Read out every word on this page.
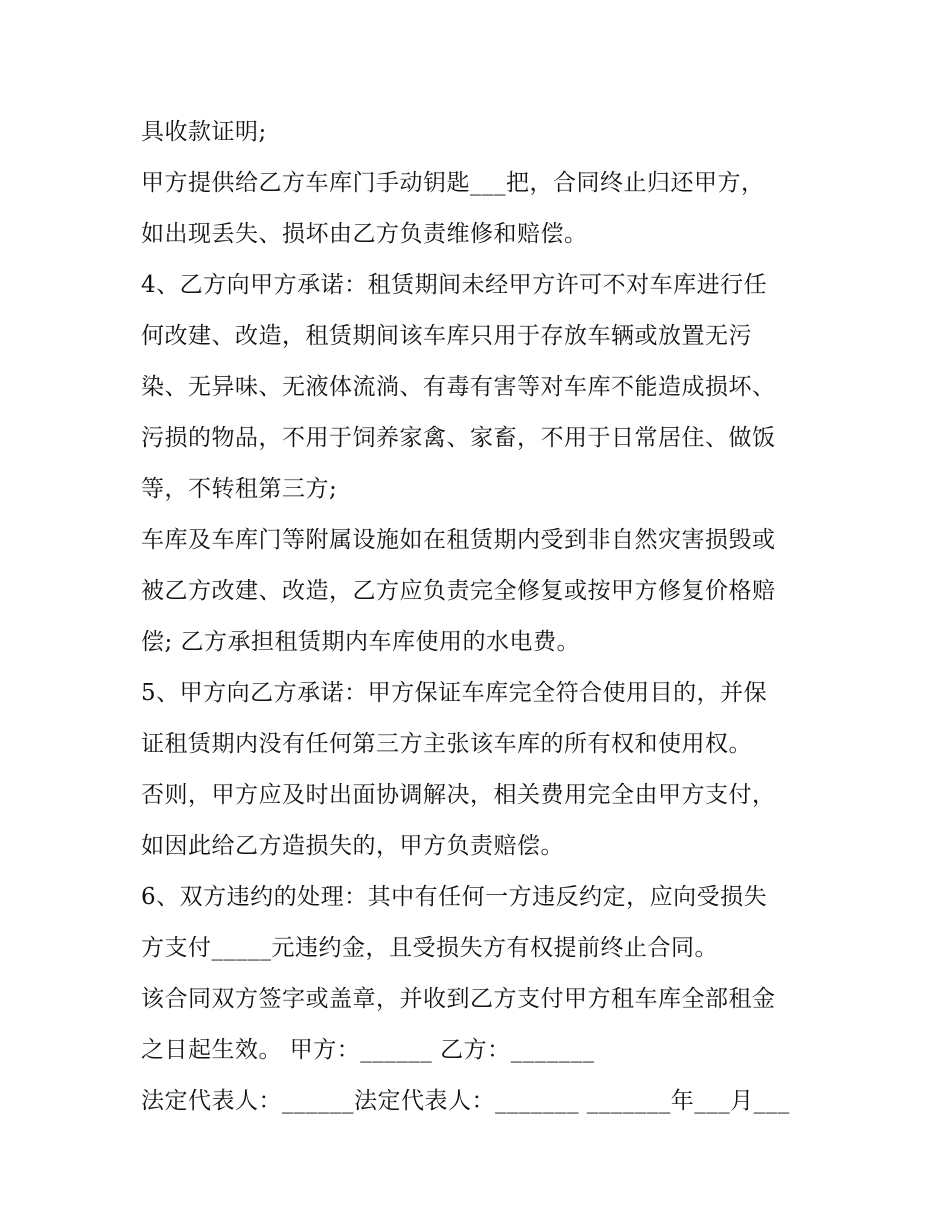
具收款证明;
甲方提供给乙方车库门手动钥匙___把，合同终止归还甲方，
如出现丢失、损坏由乙方负责维修和赔偿。
4、乙方向甲方承诺：租赁期间未经甲方许可不对车库进行任
何改建、改造，租赁期间该车库只用于存放车辆或放置无污
染、无异味、无液体流淌、有毒有害等对车库不能造成损坏、
污损的物品，不用于饲养家禽、家畜，不用于日常居住、做饭
等，不转租第三方;
车库及车库门等附属设施如在租赁期内受到非自然灾害损毁或
被乙方改建、改造，乙方应负责完全修复或按甲方修复价格赔
偿; 乙方承担租赁期内车库使用的水电费。
5、甲方向乙方承诺：甲方保证车库完全符合使用目的，并保
证租赁期内没有任何第三方主张该车库的所有权和使用权。
否则，甲方应及时出面协调解决，相关费用完全由甲方支付，
如因此给乙方造损失的，甲方负责赔偿。
6、双方违约的处理：其中有任何一方违反约定，应向受损失
方支付_____元违约金，且受损失方有权提前终止合同。
该合同双方签字或盖章，并收到乙方支付甲方租车库全部租金
之日起生效。 甲方：______ 乙方：_______
法定代表人：______法定代表人：_______ _______年___月___
